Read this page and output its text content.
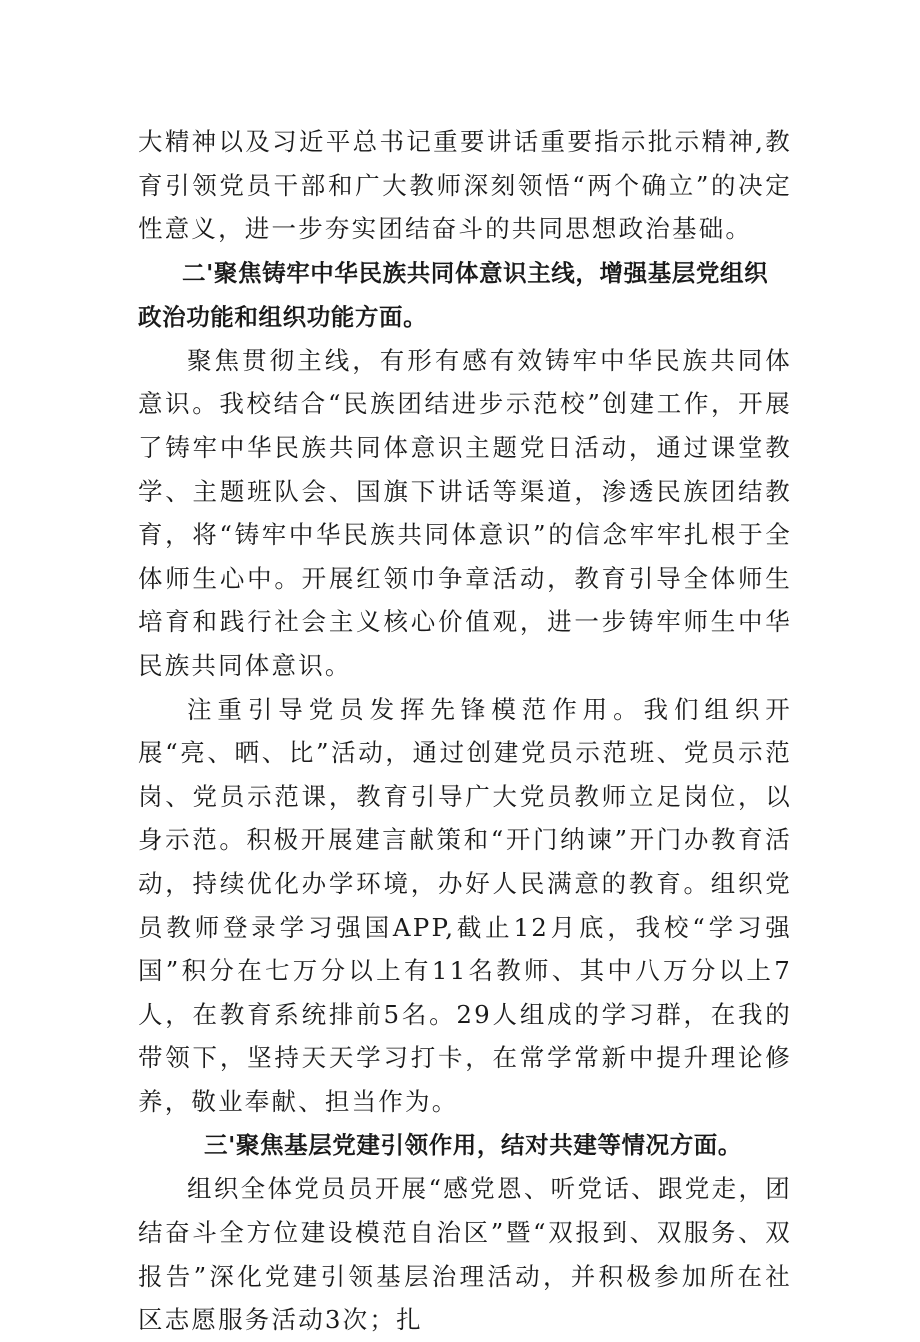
大精神以及习近平总书记重要讲话重要指示批示精神,教育引领党员干部和广大教师深刻领悟“两个确立”的决定性意义，进一步夯实团结奋斗的共同思想政治基础。

二'聚焦铸牢中华民族共同体意识主线，增强基层党组织政治功能和组织功能方面。

聚焦贯彻主线，有形有感有效铸牢中华民族共同体意识。我校结合“民族团结进步示范校”创建工作，开展了铸牢中华民族共同体意识主题党日活动，通过课堂教学、主题班队会、国旗下讲话等渠道，渗透民族团结教育，将“铸牢中华民族共同体意识”的信念牢牢扎根于全体师生心中。开展红领巾争章活动，教育引导全体师生培育和践行社会主义核心价值观，进一步铸牢师生中华民族共同体意识。

注重引导党员发挥先锋模范作用。我们组织开展“亮、晒、比”活动，通过创建党员示范班、党员示范岗、党员示范课，教育引导广大党员教师立足岗位，以身示范。积极开展建言献策和“开门纳谏”开门办教育活动，持续优化办学环境，办好人民满意的教育。组织党员教师登录学习强国APP,截止12月底，我校“学习强国”积分在七万分以上有11名教师、其中八万分以上7人，在教育系统排前5名。29人组成的学习群，在我的带领下，坚持天天学习打卡，在常学常新中提升理论修养，敬业奉献、担当作为。

三'聚焦基层党建引领作用，结对共建等情况方面。

组织全体党员员开展“感党恩、听党话、跟党走，团结奋斗全方位建设模范自治区”暨“双报到、双服务、双报告”深化党建引领基层治理活动，并积极参加所在社区志愿服务活动3次；扎
